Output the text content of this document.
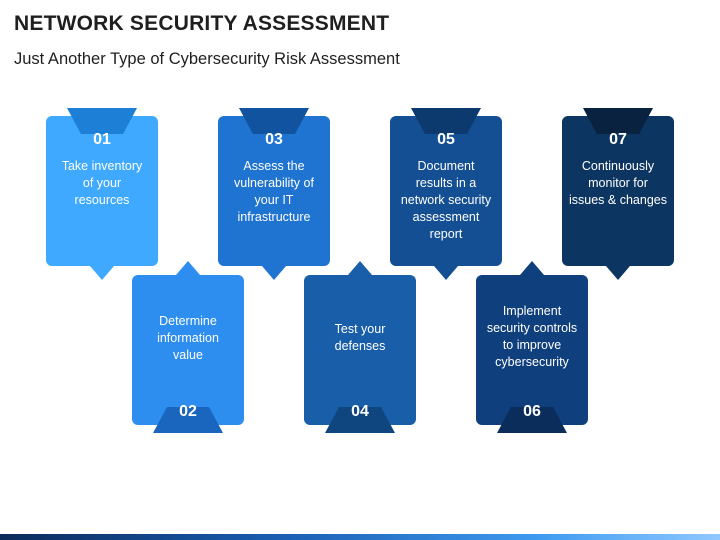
NETWORK SECURITY ASSESSMENT
Just Another Type of Cybersecurity Risk Assessment
01
Take inventory
of your
resources
02
Determine
information
value
03
Assess the
vulnerability of
your IT
infrastructure
04
Test your
defenses
05
Document
results in a
network security
assessment
report
06
Implement
security controls
to improve
cybersecurity
07
Continuously
monitor for
issues & changes
